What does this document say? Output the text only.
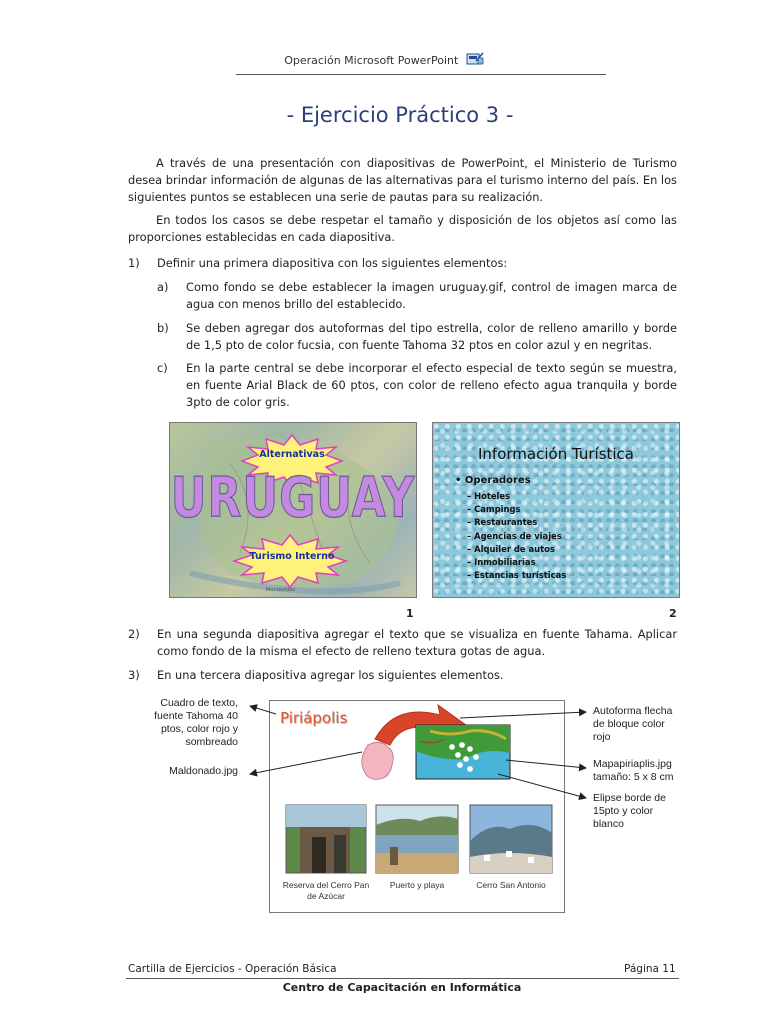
Operación Microsoft PowerPoint
- Ejercicio Práctico 3 -
A través de una presentación con diapositivas de PowerPoint, el Ministerio de Turismo desea brindar información de algunas de las alternativas para el turismo interno del país. En los siguientes puntos se establecen una serie de pautas para su realización.
En todos los casos se debe respetar el tamaño y disposición de los objetos así como las proporciones establecidas en cada diapositiva.
1) Definir una primera diapositiva con los siguientes elementos:
a) Como fondo se debe establecer la imagen uruguay.gif, control de imagen marca de agua con menos brillo del establecido.
b) Se deben agregar dos autoformas del tipo estrella, color de relleno amarillo y borde de 1,5 pto de color fucsia, con fuente Tahoma 32 ptos en color azul y en negritas.
c) En la parte central se debe incorporar el efecto especial de texto según se muestra, en fuente Arial Black de 60 ptos, con color de relleno efecto agua tranquila y borde 3pto de color gris.
Alternativas
URUGUAY
Turismo Interno
Montevideo
1
Información Turística
• Operadores
– Hoteles
– Campings
– Restaurantes
– Agencias de viajes
– Alquiler de autos
– Inmobiliarias
– Estancias turísticas
2
2) En una segunda diapositiva agregar el texto que se visualiza en fuente Tahama. Aplicar como fondo de la misma el efecto de relleno textura gotas de agua.
3) En una tercera diapositiva agregar los siguientes elementos.
Piriápolis
Reserva del Cerro Pan de Azúcar
Puerto y playa	Cerro San Antonio
Cuadro de texto, fuente Tahoma 40 ptos, color rojo y sombreado
Maldonado.jpg
Autoforma flecha de bloque color rojo
Mapapiriaplis.jpg tamaño: 5 x 8 cm
Elipse borde de 15pto y color blanco
Cartilla de Ejercicios - Operación Básica	Página 11
Centro de Capacitación en Informática
